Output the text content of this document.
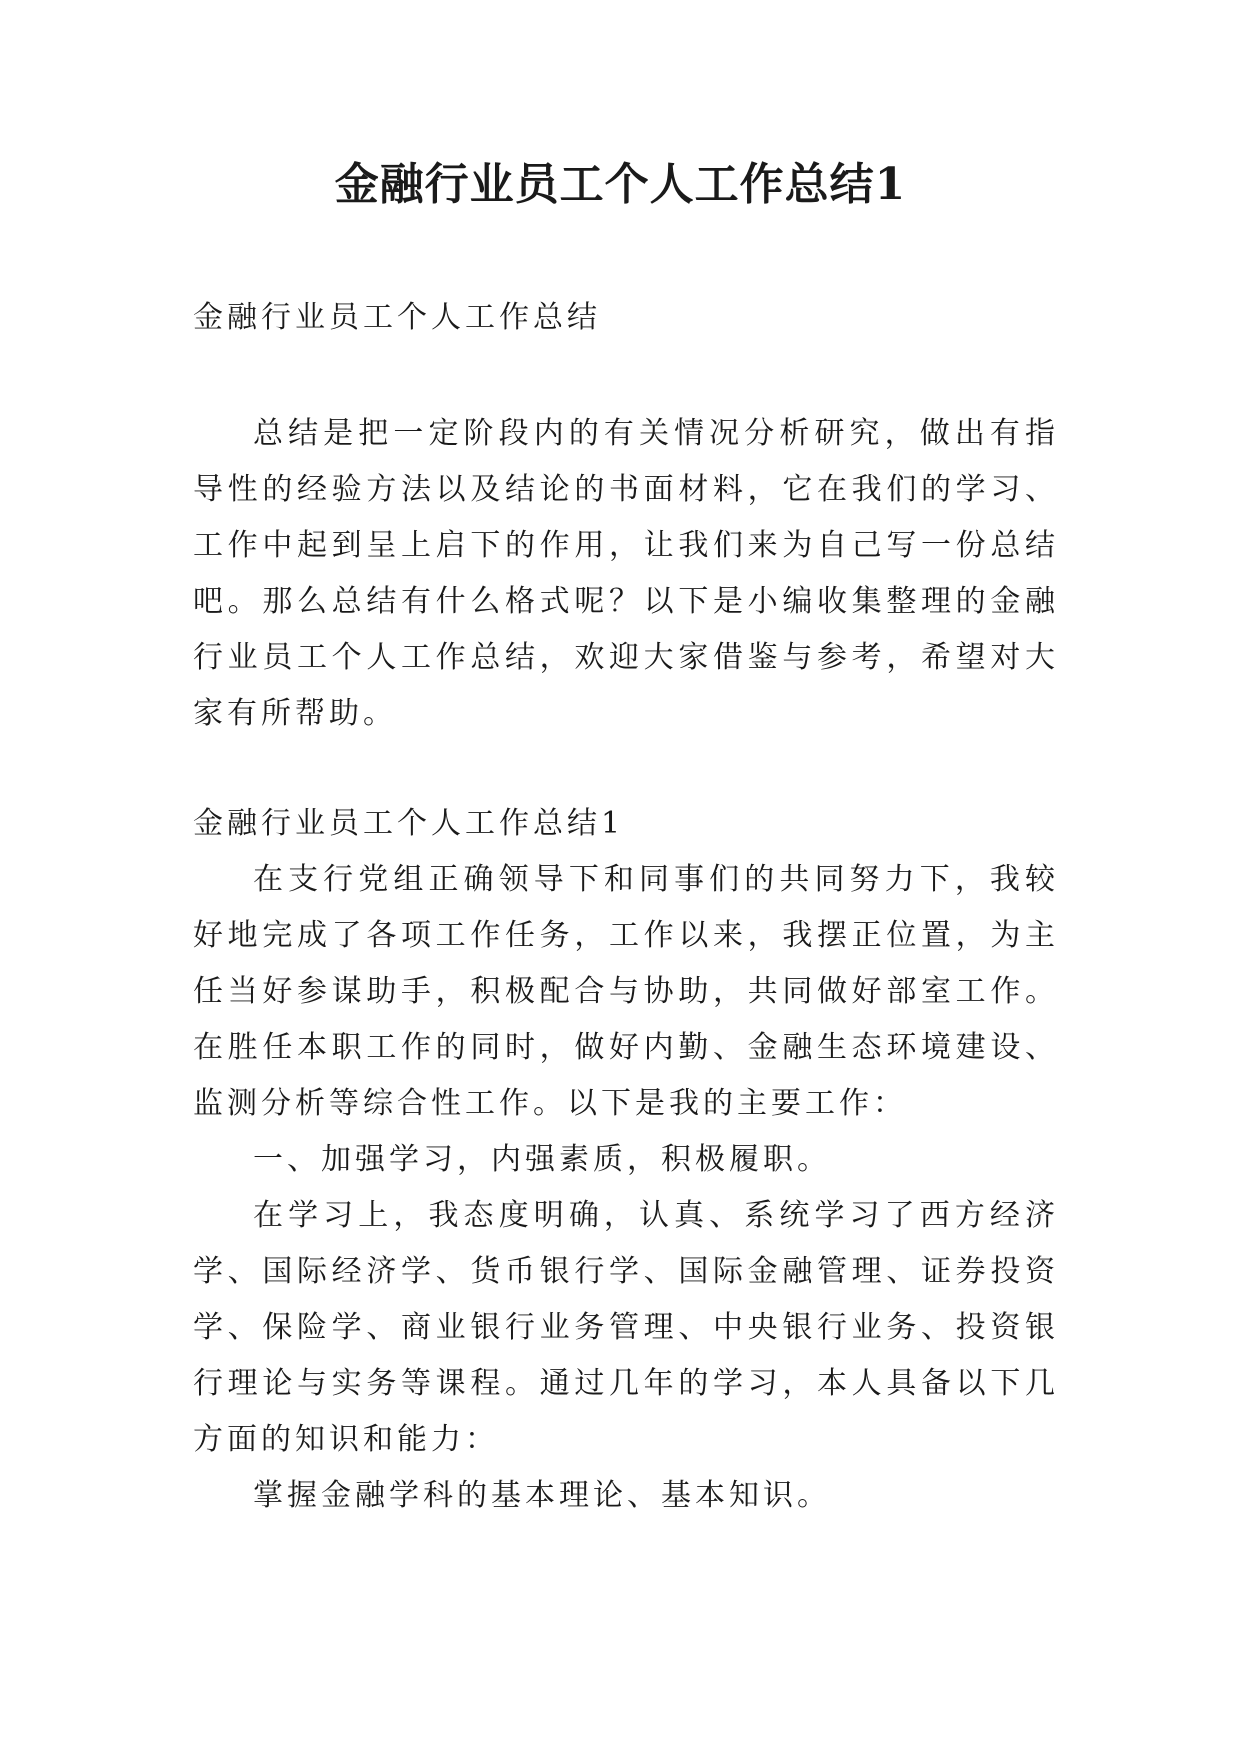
金融行业员工个人工作总结1
金融行业员工个人工作总结

总结是把一定阶段内的有关情况分析研究，做出有指导性的经验方法以及结论的书面材料，它在我们的学习、工作中起到呈上启下的作用，让我们来为自己写一份总结吧。那么总结有什么格式呢？以下是小编收集整理的金融行业员工个人工作总结，欢迎大家借鉴与参考，希望对大家有所帮助。

金融行业员工个人工作总结1

在支行党组正确领导下和同事们的共同努力下，我较好地完成了各项工作任务，工作以来，我摆正位置，为主任当好参谋助手，积极配合与协助，共同做好部室工作。在胜任本职工作的同时，做好内勤、金融生态环境建设、监测分析等综合性工作。以下是我的主要工作：

一、加强学习，内强素质，积极履职。

在学习上，我态度明确，认真、系统学习了西方经济学、国际经济学、货币银行学、国际金融管理、证券投资学、保险学、商业银行业务管理、中央银行业务、投资银行理论与实务等课程。通过几年的学习，本人具备以下几方面的知识和能力：

掌握金融学科的基本理论、基本知识。
